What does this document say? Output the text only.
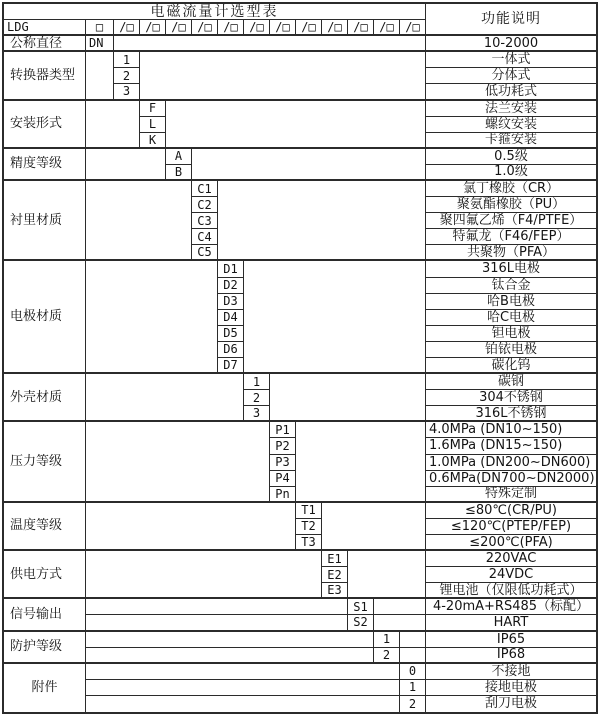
电磁流量计选型表	功能说明
LDG	□
公称直径	DN	10-2000
/□ /□ /□ /□ /□ /□ /□ /□ /□ /□ /□ /□
转换器类型
1	一体式
2	分体式
3	低功耗式
安装形式
F	法兰安装
L	螺纹安装
K	卡箍安装
精度等级
A	0.5级
B	1.0级
衬里材质
C1	氯丁橡胶（CR）
C2	聚氨酯橡胶（PU）
C3	聚四氟乙烯（F4/PTFE）
C4	特氟龙（F46/FEP）
C5	共聚物（PFA）
电极材质
D1	316L电极
D2	钛合金
D3	哈B电极
D4	哈C电极
D5	钽电极
D6	铂铱电极
D7	碳化钨
外壳材质
1	碳钢
2	304不锈钢
3	316L不锈钢
压力等级
P1	4.0MPa (DN10~150)
P2	1.6MPa (DN15~150)
P3	1.0MPa (DN200~DN600)
P4	0.6MPa(DN700~DN2000)
Pn	特殊定制
温度等级
T1	≤80℃(CR/PU)
T2	≤120℃(PTEP/FEP)
T3	≤200℃(PFA)
供电方式
E1	220VAC
E2	24VDC
E3	锂电池（仅限低功耗式）
信号输出
S1	4-20mA+RS485（标配）
S2	HART
防护等级
1	IP65
2	IP68
附件
0	不接地
1	接地电极
2	刮刀电极
